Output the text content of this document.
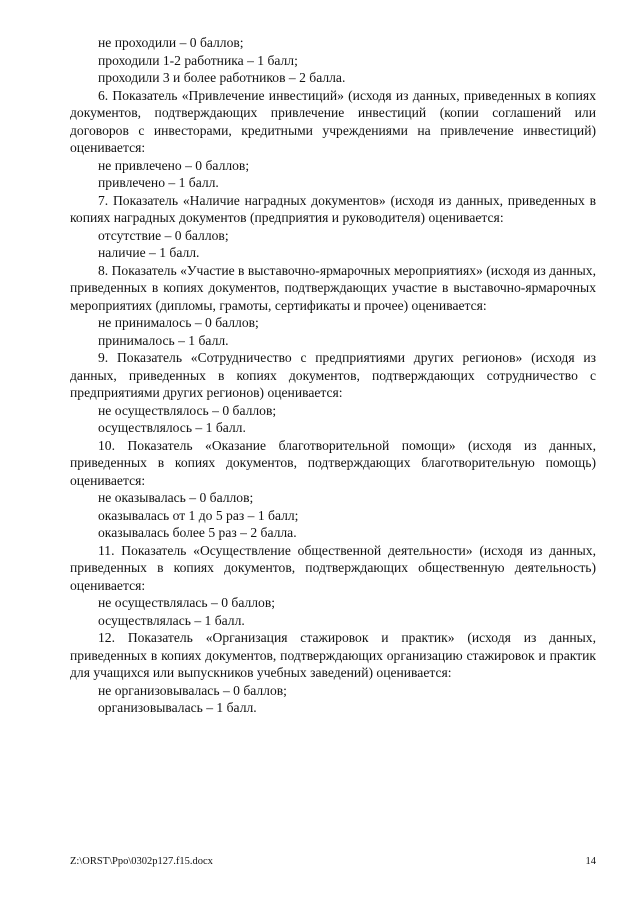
не проходили – 0 баллов;
проходили 1-2 работника – 1 балл;
проходили 3 и более работников – 2 балла.
6. Показатель «Привлечение инвестиций» (исходя из данных, приведенных в копиях документов, подтверждающих привлечение инвестиций (копии соглашений или договоров с инвесторами, кредитными учреждениями на привлечение инвестиций) оценивается:
не привлечено – 0 баллов;
привлечено – 1 балл.
7. Показатель «Наличие наградных документов» (исходя из данных, приведенных в копиях наградных документов (предприятия и руководителя) оценивается:
отсутствие – 0 баллов;
наличие – 1 балл.
8. Показатель «Участие в выставочно-ярмарочных мероприятиях» (исходя из данных, приведенных в копиях документов, подтверждающих участие в выставочно-ярмарочных мероприятиях (дипломы, грамоты, сертификаты и прочее) оценивается:
не принималось – 0 баллов;
принималось – 1 балл.
9. Показатель «Сотрудничество с предприятиями других регионов» (исходя из данных, приведенных в копиях документов, подтверждающих сотрудничество с предприятиями других регионов) оценивается:
не осуществлялось – 0 баллов;
осуществлялось – 1 балл.
10. Показатель «Оказание благотворительной помощи» (исходя из данных, приведенных в копиях документов, подтверждающих благотворительную помощь) оценивается:
не оказывалась – 0 баллов;
оказывалась от 1 до 5 раз – 1 балл;
оказывалась более 5 раз – 2 балла.
11. Показатель «Осуществление общественной деятельности» (исходя из данных, приведенных в копиях документов, подтверждающих общественную деятельность) оценивается:
не осуществлялась – 0 баллов;
осуществлялась – 1 балл.
12. Показатель «Организация стажировок и практик» (исходя из данных, приведенных в копиях документов, подтверждающих организацию стажировок и практик для учащихся или выпускников учебных заведений) оценивается:
не организовывалась – 0 баллов;
организовывалась – 1 балл.
Z:\ORST\Ppo\0302p127.f15.docx	14
